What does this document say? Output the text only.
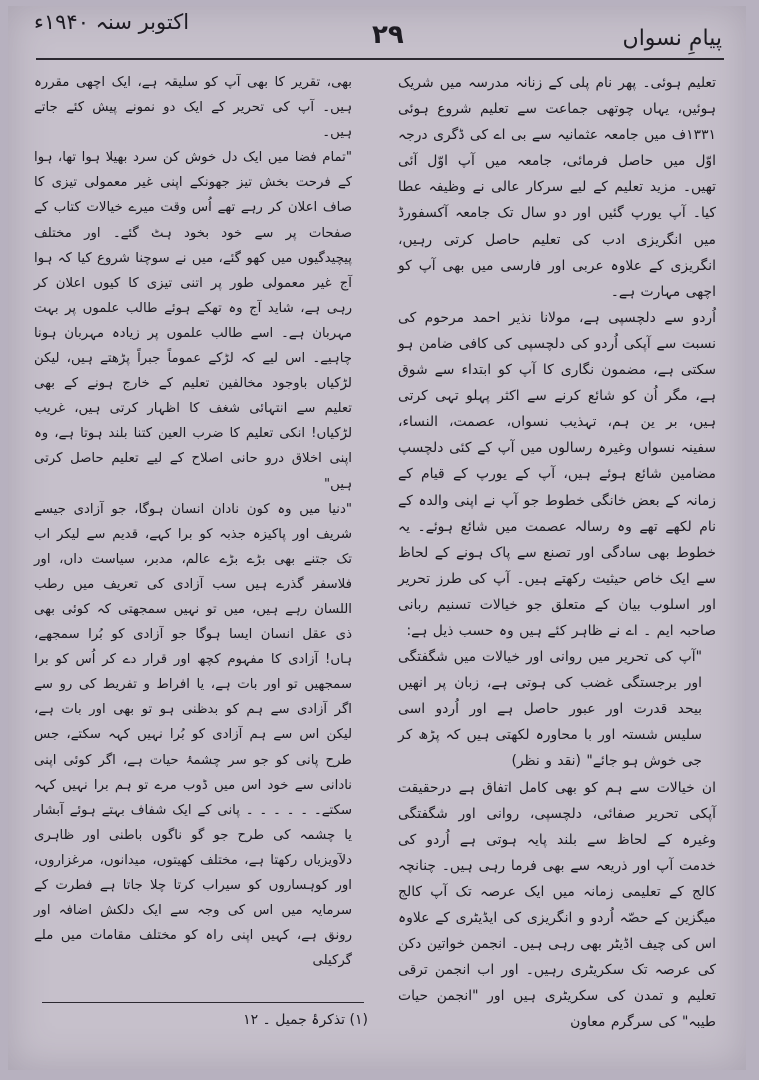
پیامِ نسواں
۲۹
اکتوبر سنہ ۱۹۴۰ء

تعلیم ہوئی۔ پھر نام پلی کے زنانہ مدرسہ میں شریک ہوئیں، یہاں چوتھی جماعت سے تعلیم شروع ہوئی ۱۳۳۱ف میں جامعہ عثمانیہ سے بی اے کی ڈگری درجہ اوّل میں حاصل فرمائی، جامعہ میں آپ اوّل آئی تھیں۔ مزید تعلیم کے لیے سرکار عالی نے وظیفہ عطا کیا۔ آپ یورپ گئیں اور دو سال تک جامعہ آکسفورڈ میں انگریزی ادب کی تعلیم حاصل کرتی رہیں، انگریزی کے علاوہ عربی اور فارسی میں بھی آپ کو اچھی مہارت ہے۔

اُردو سے دلچسپی ہے، مولانا نذیر احمد مرحوم کی نسبت سے آپکی اُردو کی دلچسپی کی کافی ضامن ہو سکتی ہے، مضمون نگاری کا آپ کو ابتداء سے شوق ہے، مگر اُن کو شائع کرنے سے اکثر پہلو تہی کرتی ہیں، بر ین ہم، تہذیب نسواں، عصمت، النساء، سفینہ نسواں وغیرہ رسالوں میں آپ کے کئی دلچسپ مضامین شائع ہوئے ہیں، آپ کے یورپ کے قیام کے زمانہ کے بعض خانگی خطوط جو آپ نے اپنی والدہ کے نام لکھے تھے وہ رسالہ عصمت میں شائع ہوئے۔ یہ خطوط بھی سادگی اور تصنع سے پاک ہونے کے لحاظ سے ایک خاص حیثیت رکھتے ہیں۔ آپ کی طرز تحریر اور اسلوب بیان کے متعلق جو خیالات تسنیم ربانی صاحبہ ایم ۔ اے نے ظاہر کئے ہیں وہ حسب ذیل ہے:

"آپ کی تحریر میں روانی اور خیالات میں شگفتگی اور برجستگی غضب کی ہوتی ہے، زبان پر انھیں بیحد قدرت اور عبور حاصل ہے اور اُردو اسی سلیس شستہ اور با محاورہ لکھتی ہیں کہ پڑھ کر جی خوش ہو جائے" (نقد و نظر)

ان خیالات سے ہم کو بھی کامل اتفاق ہے درحقیقت آپکی تحریر صفائی، دلچسپی، روانی اور شگفتگی وغیرہ کے لحاظ سے بلند پایہ ہوتی ہے اُردو کی خدمت آپ اور ذریعہ سے بھی فرما رہی ہیں۔ چنانچہ کالج کے تعلیمی زمانہ میں ایک عرصہ تک آپ کالج میگزین کے حصّہ اُردو و انگریزی کی ایڈیٹری کے علاوہ اس کی چیف اڈیٹر بھی رہی ہیں۔ انجمن خواتین دکن کی عرصہ تک سکریٹری رہیں۔ اور اب انجمن ترقی تعلیم و تمدن کی سکریٹری ہیں اور "انجمن حیات طیبہ" کی سرگرم معاون

بھی، تقریر کا بھی آپ کو سلیقہ ہے، ایک اچھی مقررہ ہیں۔ آپ کی تحریر کے ایک دو نمونے پیش کئے جاتے ہیں۔

"تمام فضا میں ایک دل خوش کن سرد بھیلا ہوا تھا، ہوا کے فرحت بخش تیز جھونکے اپنی غیر معمولی تیزی کا صاف اعلان کر رہے تھے اُس وقت میرے خیالات کتاب کے صفحات پر سے خود بخود ہٹ گئے۔ اور مختلف پیچیدگیوں میں کھو گئے، میں نے سوچنا شروع کیا کہ ہوا آج غیر معمولی طور پر اتنی تیزی کا کیوں اعلان کر رہی ہے، شاید آج وہ تھکے ہوئے طالب علموں پر بہت مہربان ہے۔ اسے طالب علموں پر زیادہ مہربان ہونا چاہیے۔ اس لیے کہ لڑکے عموماً جبراً پڑھتے ہیں، لیکن لڑکیاں باوجود مخالفین تعلیم کے خارج ہونے کے بھی تعلیم سے انتہائی شغف کا اظہار کرتی ہیں، غریب لڑکیاں! انکی تعلیم کا ضرب العین کتنا بلند ہوتا ہے، وہ اپنی اخلاق درو حانی اصلاح کے لیے تعلیم حاصل کرتی ہیں"

"دنیا میں وہ کون نادان انسان ہوگا، جو آزادی جیسے شریف اور پاکیزہ جذبہ کو برا کہے، قدیم سے لیکر اب تک جتنے بھی بڑے بڑے عالم، مدبر، سیاست داں، اور فلاسفر گذرے ہیں سب آزادی کی تعریف میں رطب اللسان رہے ہیں، میں تو نہیں سمجھتی کہ کوئی بھی ذی عقل انسان ایسا ہوگا جو آزادی کو بُرا سمجھے، ہاں! آزادی کا مفہوم کچھ اور قرار دے کر اُس کو برا سمجھیں تو اور بات ہے، یا افراط و تفریط کی رو سے اگر آزادی سے ہم کو بدظنی ہو تو بھی اور بات ہے، لیکن اس سے ہم آزادی کو بُرا نہیں کہہ سکتے، جس طرح پانی کو جو سر چشمۂ حیات ہے، اگر کوئی اپنی نادانی سے خود اس میں ڈوب مرے تو ہم برا نہیں کہہ سکتے۔ ۔ ۔ ۔ ۔ ۔ پانی کے ایک شفاف بہتے ہوئے آبشار یا چشمہ کی طرح جو گو ناگوں باطنی اور ظاہری دلآویزیاں رکھتا ہے، مختلف کھیتوں، میدانوں، مرغزاروں، اور کوہساروں کو سیراب کرتا چلا جاتا ہے فطرت کے سرمایہ میں اس کی وجہ سے ایک دلکش اضافہ اور رونق ہے، کہیں اپنی راہ کو مختلف مقامات میں ملے گرکیلی

(۱) تذکرۂ جمیل ۔ ۱۲
